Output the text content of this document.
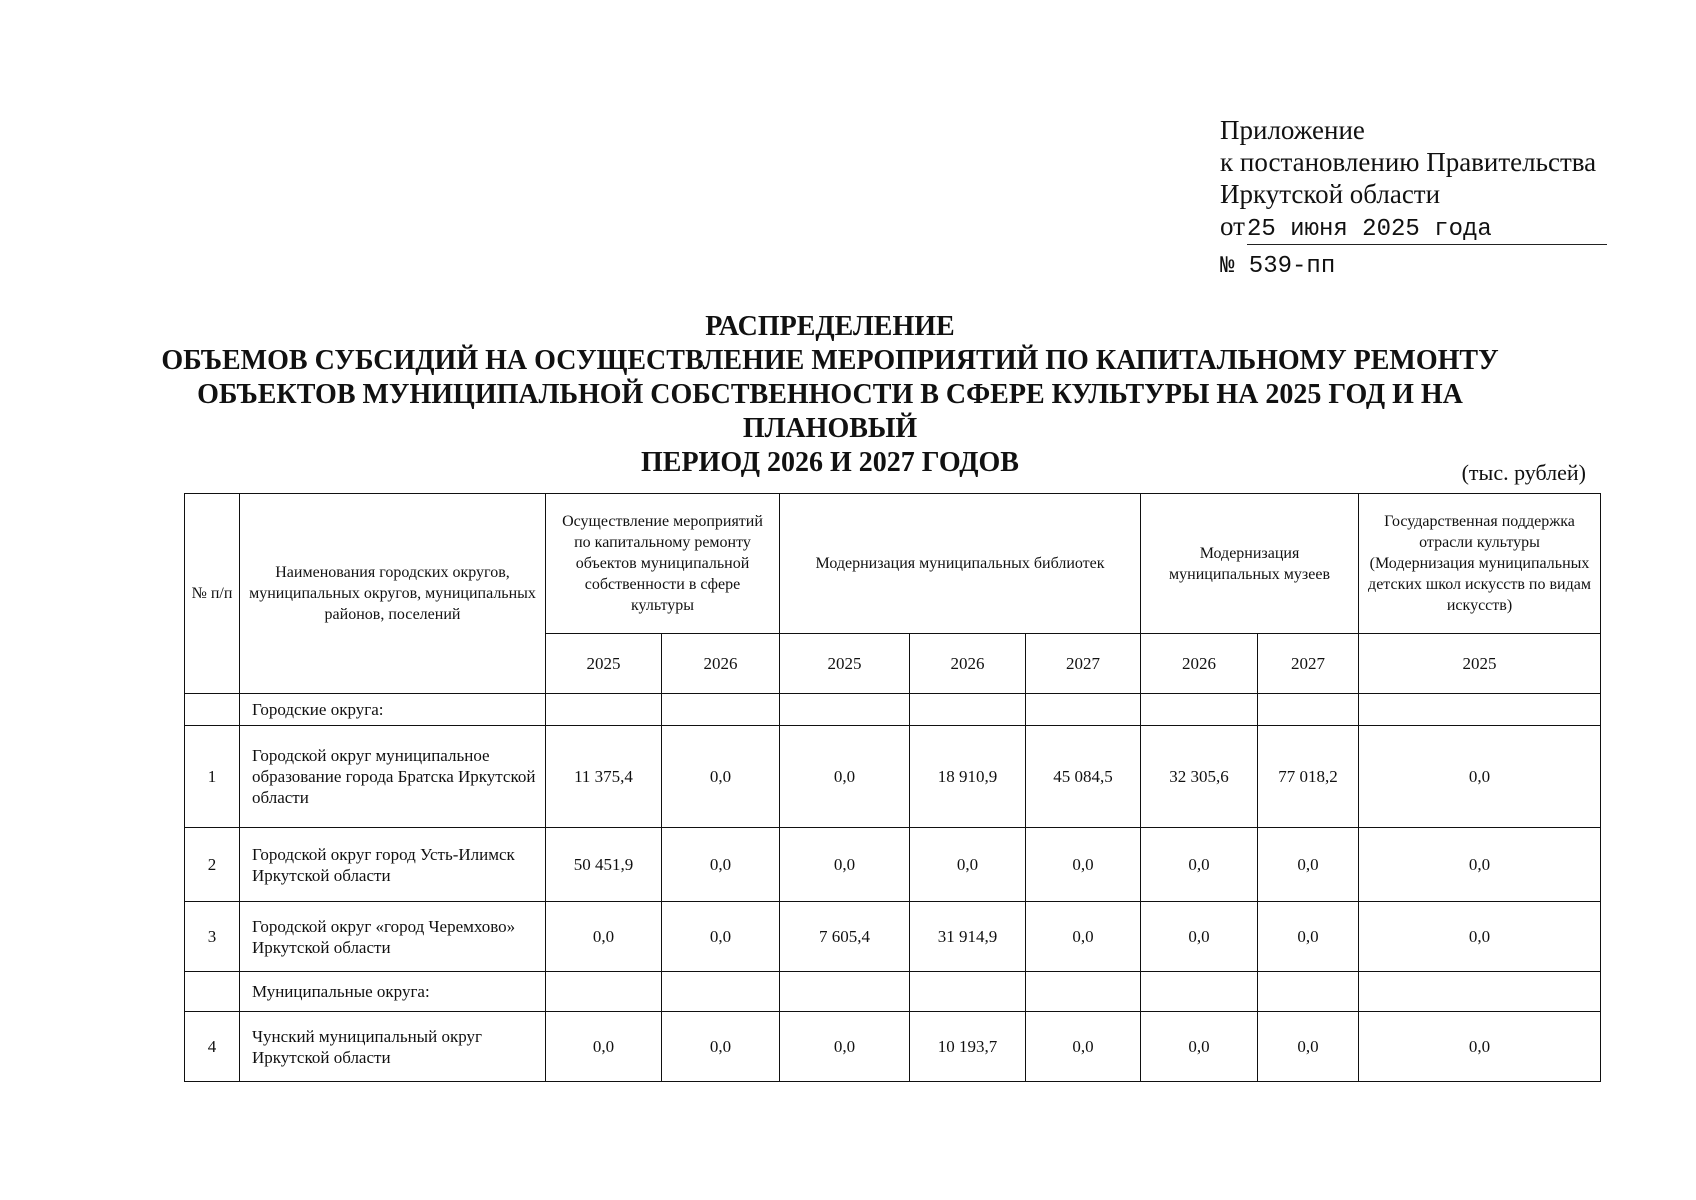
Приложение
к постановлению Правительства
Иркутской области
от25 июня 2025 года
№ 539-пп
РАСПРЕДЕЛЕНИЕ
ОБЪЕМОВ СУБСИДИЙ НА ОСУЩЕСТВЛЕНИЕ МЕРОПРИЯТИЙ ПО КАПИТАЛЬНОМУ РЕМОНТУ
ОБЪЕКТОВ МУНИЦИПАЛЬНОЙ СОБСТВЕННОСТИ В СФЕРЕ КУЛЬТУРЫ НА 2025 ГОД И НА ПЛАНОВЫЙ
ПЕРИОД 2026 И 2027 ГОДОВ	(тыс. рублей)
№ п/п	Наименования городских округов, муниципальных округов, муниципальных районов, поселений	Осуществление мероприятий по капитальному ремонту объектов муниципальной собственности в сфере культуры		Модернизация муниципальных библиотек			Модернизация муниципальных музеев		Государственная поддержка отрасли культуры (Модернизация муниципальных детских школ искусств по видам искусств)
		2025	2026	2025	2026	2027	2026	2027	2025
	Городские округа:								
1	Городской округ муниципальное образование города Братска Иркутской области	11 375,4	0,0	0,0	18 910,9	45 084,5	32 305,6	77 018,2	0,0
2	Городской округ город Усть-Илимск Иркутской области	50 451,9	0,0	0,0	0,0	0,0	0,0	0,0	0,0
3	Городской округ «город Черемхово» Иркутской области	0,0	0,0	7 605,4	31 914,9	0,0	0,0	0,0	0,0
	Муниципальные округа:								
4	Чунский муниципальный округ Иркутской области	0,0	0,0	0,0	10 193,7	0,0	0,0	0,0	0,0
